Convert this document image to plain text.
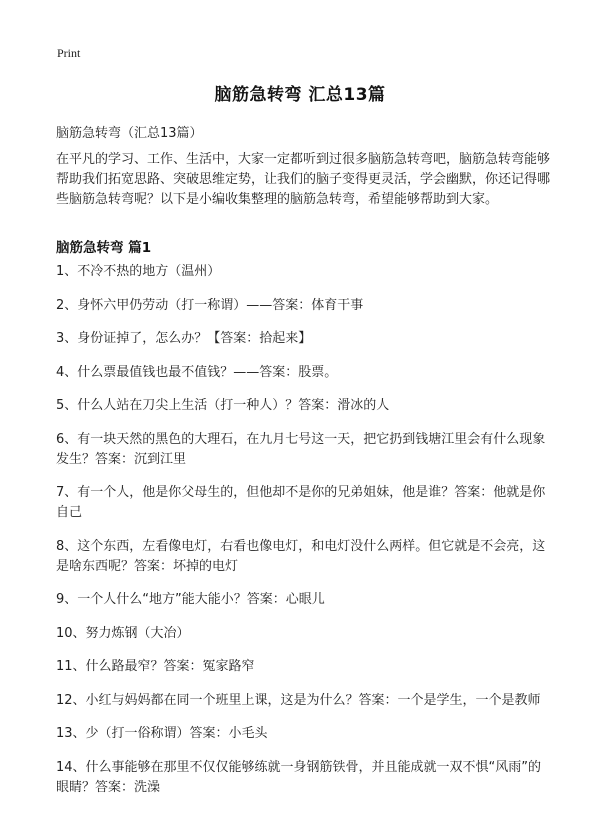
Print
脑筋急转弯 汇总13篇
脑筋急转弯（汇总13篇）
在平凡的学习、工作、生活中，大家一定都听到过很多脑筋急转弯吧，脑筋急转弯能够帮助我们拓宽思路、突破思维定势，让我们的脑子变得更灵活，学会幽默，你还记得哪些脑筋急转弯呢？以下是小编收集整理的脑筋急转弯，希望能够帮助到大家。
脑筋急转弯 篇1
1、不冷不热的地方（温州）
2、身怀六甲仍劳动（打一称谓）——答案：体育干事
3、身份证掉了，怎么办？【答案：拾起来】
4、什么票最值钱也最不值钱？——答案：股票。
5、什么人站在刀尖上生活（打一种人）？答案：滑冰的人
6、有一块天然的黑色的大理石，在九月七号这一天，把它扔到钱塘江里会有什么现象发生？答案：沉到江里
7、有一个人，他是你父母生的，但他却不是你的兄弟姐妹，他是谁？答案：他就是你自己
8、这个东西，左看像电灯，右看也像电灯，和电灯没什么两样。但它就是不会亮，这是啥东西呢？答案：坏掉的电灯
9、一个人什么“地方”能大能小？答案：心眼儿
10、努力炼钢（大冶）
11、什么路最窄？答案：冤家路窄
12、小红与妈妈都在同一个班里上课，这是为什么？答案：一个是学生，一个是教师
13、少（打一俗称谓）答案：小毛头
14、什么事能够在那里不仅仅能够练就一身钢筋铁骨，并且能成就一双不惧“风雨”的眼睛？答案：洗澡
